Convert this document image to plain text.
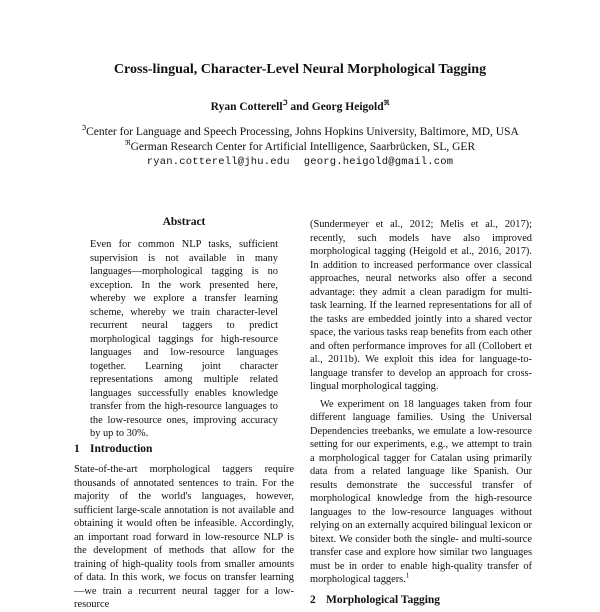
Cross-lingual, Character-Level Neural Morphological Tagging
Ryan Cotterell$^ℑ$ and Georg Heigold$^ℜ$
$^ℑ$Center for Language and Speech Processing, Johns Hopkins University, Baltimore, MD, USA
$^ℜ$German Research Center for Artificial Intelligence, Saarbrücken, SL, GER
ryan.cotterell@jhu.edu georg.heigold@gmail.com
Abstract
Even for common NLP tasks, sufficient supervision is not available in many languages—morphological tagging is no exception. In the work presented here, whereby we explore a transfer learning scheme, whereby we train character-level recurrent neural taggers to predict morphological taggings for high-resource languages and low-resource languages together. Learning joint character representations among multiple related languages successfully enables knowledge transfer from the high-resource languages to the low-resource ones, improving accuracy by up to 30%.
1 Introduction
State-of-the-art morphological taggers require thousands of annotated sentences to train. For the majority of the world's languages, however, sufficient large-scale annotation is not available and obtaining it would often be infeasible. Accordingly, an important road forward in low-resource NLP is the development of methods that allow for the training of high-quality tools from smaller amounts of data. In this work, we focus on transfer learning—we train a recurrent neural tagger for a low-resource

(Sundermeyer et al., 2012; Melis et al., 2017); recently, such models have also improved morphological tagging (Heigold et al., 2016, 2017). In addition to increased performance over classical approaches, neural networks also offer a second advantage: they admit a clean paradigm for multi-task learning. If the learned representations for all of the tasks are embedded jointly into a shared vector space, the various tasks reap benefits from each other and often performance improves for all (Collobert et al., 2011b). We exploit this idea for language-to-language transfer to develop an approach for cross-lingual morphological tagging.

We experiment on 18 languages taken from four different language families. Using the Universal Dependencies treebanks, we emulate a low-resource setting for our experiments, e.g., we attempt to train a morphological tagger for Catalan using primarily data from a related language like Spanish. Our results demonstrate the successful transfer of morphological knowledge from the high-resource languages to the low-resource languages without relying on an externally acquired bilingual lexicon or bitext. We consider both the single- and multi-source transfer case and explore how similar two languages must be in order to enable high-quality transfer of morphological taggers.$^1$

2 Morphological Tagging
